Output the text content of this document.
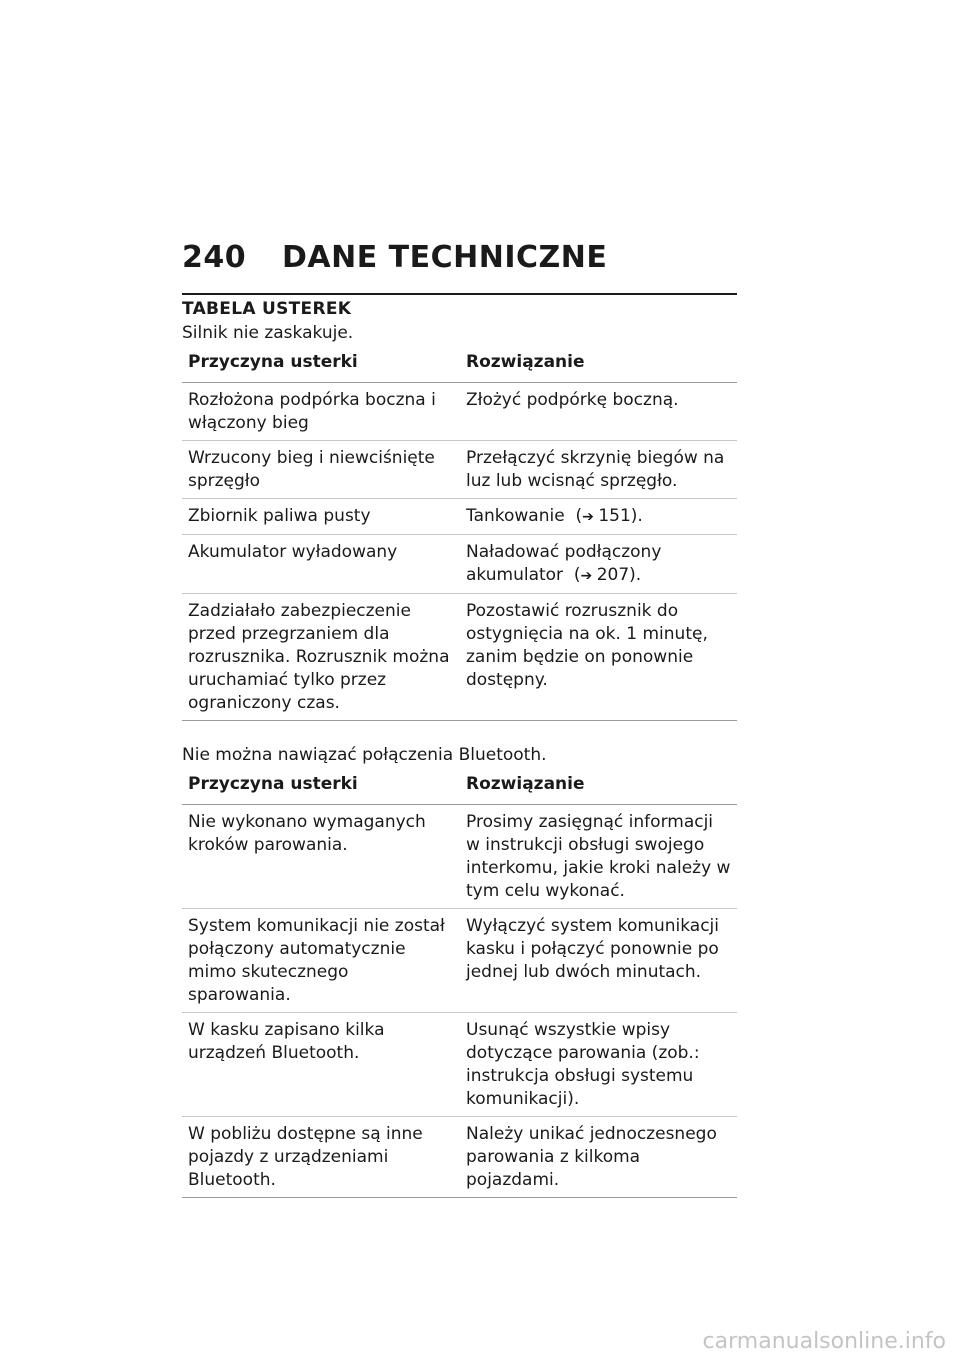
240	DANE TECHNICZNE
TABELA USTEREK
Silnik nie zaskakuje.
Przyczyna usterki	Rozwiązanie
Rozłożona podpórka boczna i włączony bieg	Złożyć podpórkę boczną.
Wrzucony bieg i niewciśnięte sprzęgło	Przełączyć skrzynię biegów na luz lub wcisnąć sprzęgło.
Zbiornik paliwa pusty	Tankowanie  (➔ 151).
Akumulator wyładowany	Naładować podłączony akumulator  (➔ 207).
Zadziałało zabezpieczenie przed przegrzaniem dla rozrusznika. Rozrusznik można uruchamiać tylko przez ograniczony czas.	Pozostawić rozrusznik do ostygnięcia na ok. 1 minutę, zanim będzie on ponownie dostępny.
Nie można nawiązać połączenia Bluetooth.
Przyczyna usterki	Rozwiązanie
Nie wykonano wymaganych kroków parowania.	Prosimy zasięgnąć informacji w instrukcji obsługi swojego interkomu, jakie kroki należy w tym celu wykonać.
System komunikacji nie został połączony automatycznie mimo skutecznego sparowania.	Wyłączyć system komunikacji kasku i połączyć ponownie po jednej lub dwóch minutach.
W kasku zapisano kilka urządzeń Bluetooth.	Usunąć wszystkie wpisy dotyczące parowania (zob.: instrukcja obsługi systemu komunikacji).
W pobliżu dostępne są inne pojazdy z urządzeniami Bluetooth.	Należy unikać jednoczesnego parowania z kilkoma pojazdami.
carmanualsonline.info
